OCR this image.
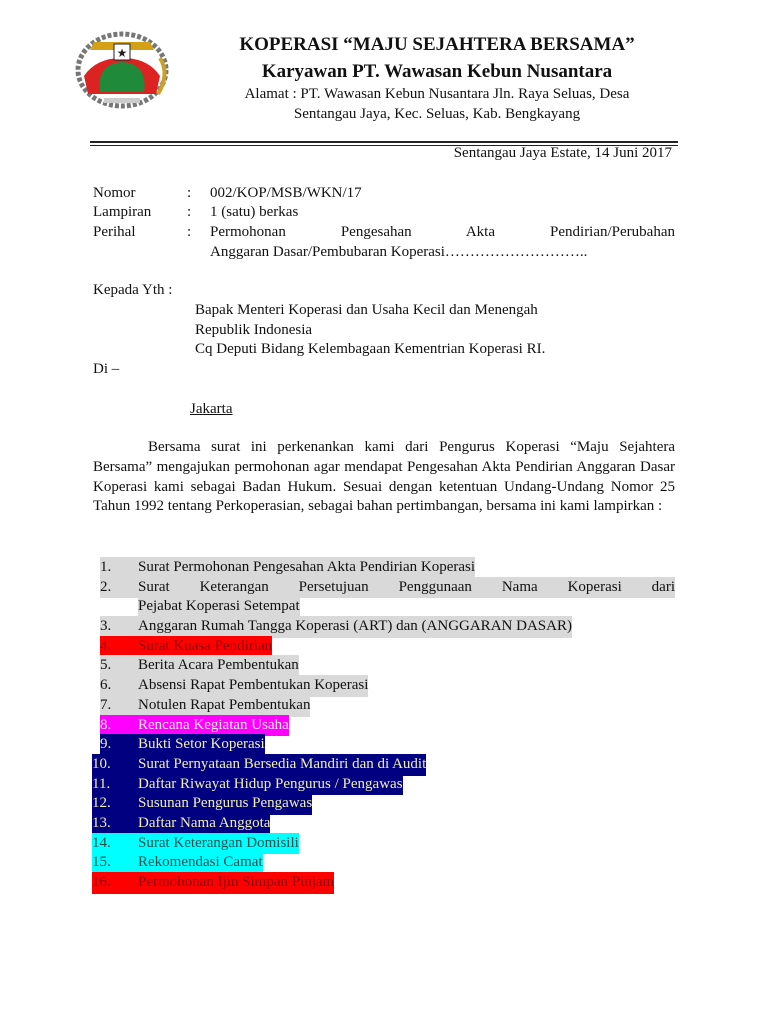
★	KOPERASI “MAJU SEJAHTERA BERSAMA”
Karyawan PT. Wawasan Kebun Nusantara
Alamat : PT. Wawasan Kebun Nusantara Jln. Raya Seluas, Desa
Sentangau Jaya, Kec. Seluas, Kab. Bengkayang
Sentangau Jaya Estate, 14 Juni 2017
Nomor	: 002/KOP/MSB/WKN/17
Lampiran : 1 (satu) berkas
Perihal	: Permohonan Pengesahan Akta Pendirian/Perubahan
Anggaran Dasar/Pembubaran Koperasi………………………..
Kepada Yth :
Bapak Menteri Koperasi dan Usaha Kecil dan Menengah
Republik Indonesia
Cq Deputi Bidang Kelembagaan Kementrian Koperasi RI.
Di –
Jakarta
Bersama surat ini perkenankan kami dari Pengurus Koperasi “Maju Sejahtera Bersama” mengajukan permohonan agar mendapat Pengesahan Akta Pendirian Anggaran Dasar Koperasi kami sebagai Badan Hukum. Sesuai dengan ketentuan Undang-Undang Nomor 25 Tahun 1992 tentang Perkoperasian, sebagai bahan pertimbangan, bersama ini kami lampirkan :
1. Surat Permohonan Pengesahan Akta Pendirian Koperasi
2. Surat Keterangan Persetujuan Penggunaan Nama Koperasi dari
Pejabat Koperasi Setempat
3. Anggaran Rumah Tangga Koperasi (ART) dan (ANGGARAN DASAR)
4. Surat Kuasa Pendirian
5. Berita Acara Pembentukan
6. Absensi Rapat Pembentukan Koperasi
7. Notulen Rapat Pembentukan
8. Rencana Kegiatan Usaha
9. Bukti Setor Koperasi
10. Surat Pernyataan Bersedia Mandiri dan di Audit
11. Daftar Riwayat Hidup Pengurus / Pengawas
12. Susunan Pengurus Pengawas
13. Daftar Nama Anggota
14. Surat Keterangan Domisili
15. Rekomendasi Camat
16. Permohonan Ijin Simpan Pinjam
